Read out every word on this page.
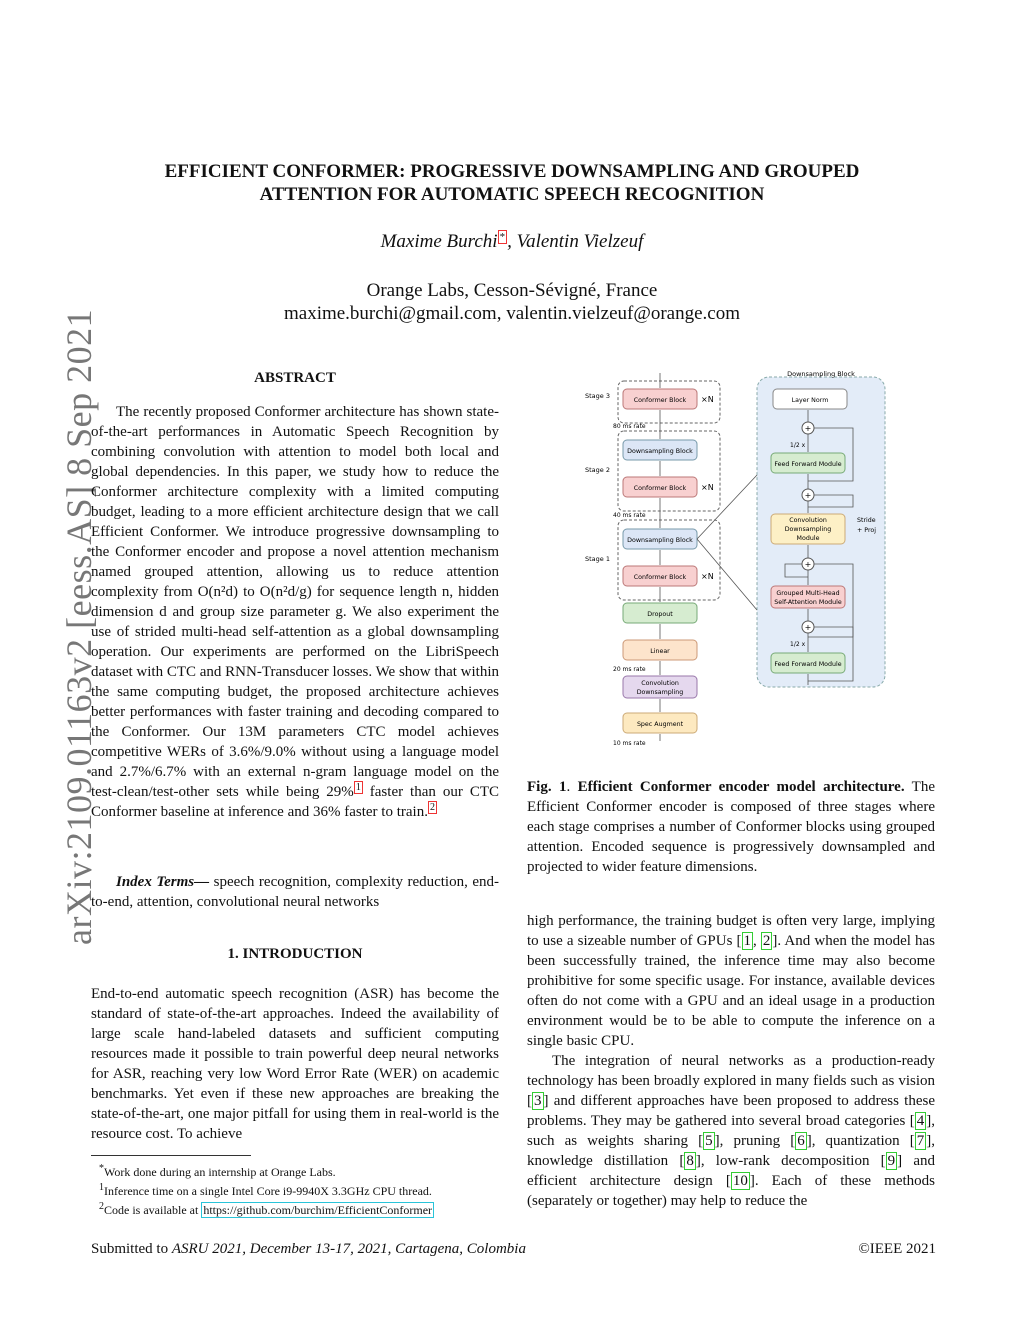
EFFICIENT CONFORMER: PROGRESSIVE DOWNSAMPLING AND GROUPED
ATTENTION FOR AUTOMATIC SPEECH RECOGNITION
Maxime Burchi * , Valentin Vielzeuf
Orange Labs, Cesson-Sévigné, France
maxime.burchi@gmail.com, valentin.vielzeuf@orange.com
arXiv:2109.01163v2 [eess.AS] 8 Sep 2021	ABSTRACT
The recently proposed Conformer architecture has shown state-of-the-art performances in Automatic Speech Recognition by combining convolution with attention to model both local and global dependencies. In this paper, we study how to reduce the Conformer architecture complexity with a limited computing budget, leading to a more efficient architecture design that we call Efficient Conformer. We introduce progressive downsampling to the Conformer encoder and propose a novel attention mechanism named grouped attention, allowing us to reduce attention complexity from O(n²d) to O(n²d/g) for sequence length n, hidden dimension d and group size parameter g. We also experiment the use of strided multi-head self-attention as a global downsampling operation. Our experiments are performed on the LibriSpeech dataset with CTC and RNN-Transducer losses. We show that within the same computing budget, the proposed architecture achieves better performances with faster training and decoding compared to the Conformer. Our 13M parameters CTC model achieves competitive WERs of 3.6%/9.0% without using a language model and 2.7%/6.7% with an external n-gram language model on the test-clean/test-other sets while being 29% $^1$ faster than our CTC Conformer baseline at inference and 36% faster to train. $^2$
Index Terms— speech recognition, complexity reduction, end-to-end, attention, convolutional neural networks
1. INTRODUCTION
End-to-end automatic speech recognition (ASR) has become the standard of state-of-the-art approaches. Indeed the availability of large scale hand-labeled datasets and sufficient computing resources made it possible to train powerful deep neural networks for ASR, reaching very low Word Error Rate (WER) on academic benchmarks. Yet even if these new approaches are breaking the state-of-the-art, one major pitfall for using them in real-world is the resource cost. To achieve
*Work done during an internship at Orange Labs.
$^1$Inference time on a single Intel Core i9-9940X 3.3GHz CPU thread.
$^2$Code is available at https://github.com/burchim/EfficientConformer
Downsampling Block
Stage 3
Stage 2
Stage 1
Conformer Block ×N
80 ms rate
Downsampling Block
Conformer Block ×N
40 ms rate
Downsampling Block
Conformer Block ×N
Dropout
Linear
20 ms rate
Convolution
Downsampling
Spec Augment
10 ms rate
Layer Norm
+
1/2 x
Feed Forward Module
+
Convolution
Downsampling
Module
Stride
+ Proj
+
Grouped Multi-Head
Self-Attention Module
+
1/2 x
Feed Forward Module
Fig. 1. Efficient Conformer encoder model architecture. The Efficient Conformer encoder is composed of three stages where each stage comprises a number of Conformer blocks using grouped attention. Encoded sequence is progressively downsampled and projected to wider feature dimensions.
high performance, the training budget is often very large, implying to use a sizeable number of GPUs [ 1 , 2 ]. And when the model has been successfully trained, the inference time may also become prohibitive for some specific usage. For instance, available devices often do not come with a GPU and an ideal usage in a production environment would be to be able to compute the inference on a single basic CPU.
The integration of neural networks as a production-ready technology has been broadly explored in many fields such as vision [ 3 ] and different approaches have been proposed to address these problems. They may be gathered into several broad categories [ 4 ], such as weights sharing [ 5 ], pruning [ 6 ], quantization [ 7 ], knowledge distillation [ 8 ], low-rank decomposition [ 9 ] and efficient architecture design [ 10 ]. Each of these methods (separately or together) may help to reduce the
Submitted to ASRU 2021, December 13-17, 2021, Cartagena, Colombia	©IEEE 2021
